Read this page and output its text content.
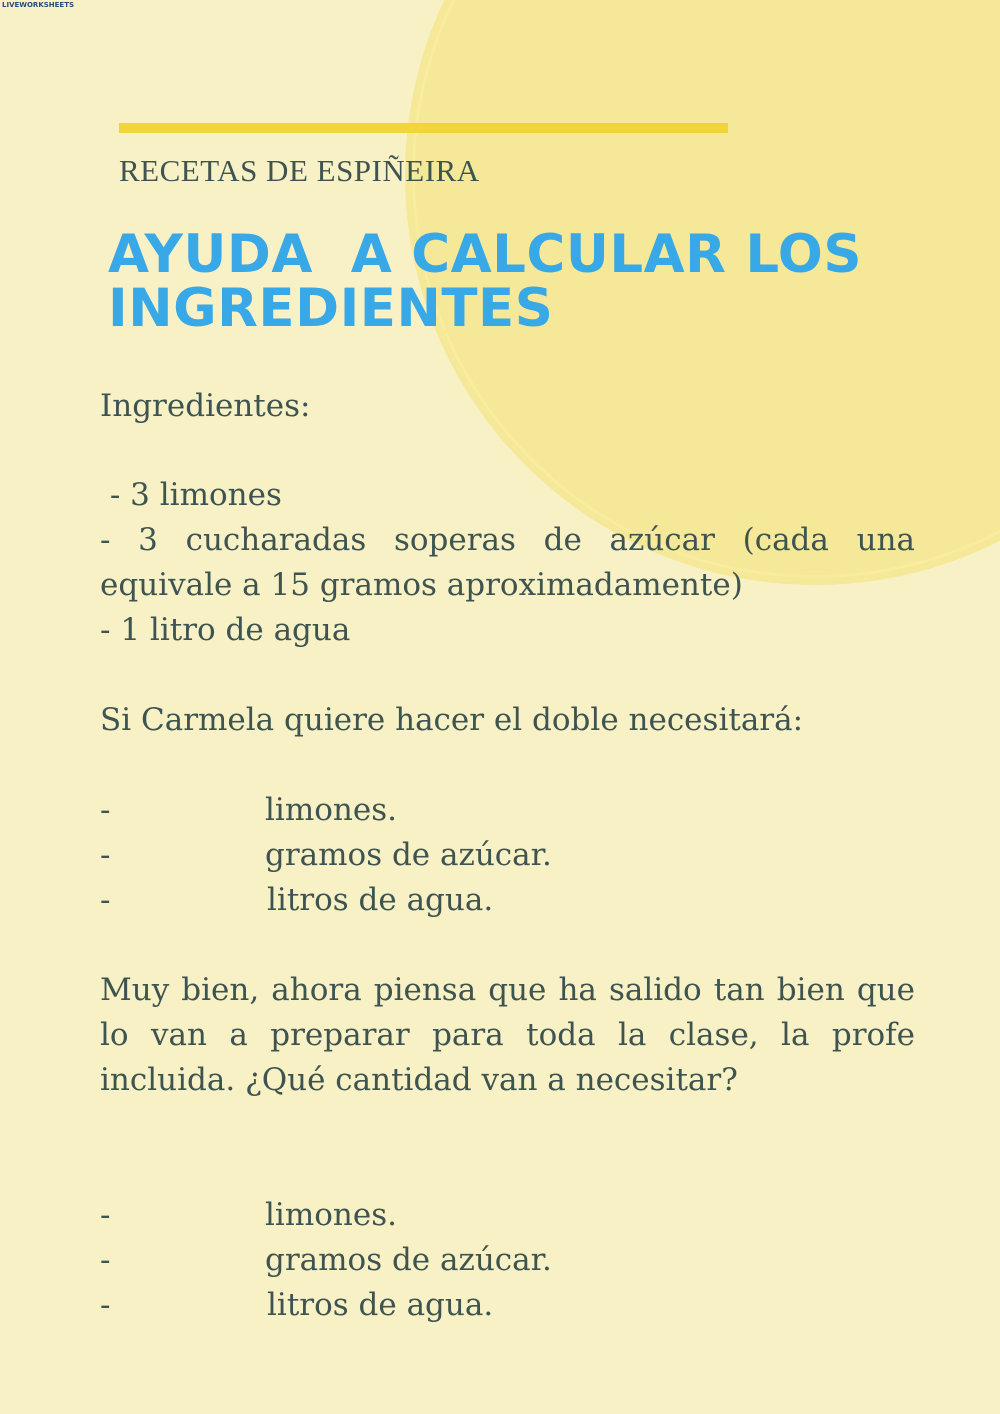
LIVEWORKSHEETS
RECETAS DE ESPIÑEIRA
AYUDA  A CALCULAR LOS
INGREDIENTES
Ingredientes:
- 3 limones

- 3 cucharadas soperas de azúcar (cada una equivale a 15 gramos aproximadamente)

- 1 litro de agua
Si Carmela quiere hacer el doble necesitará:
-	limones.
-	gramos de azúcar.
-	litros de agua.

Muy bien, ahora piensa que ha salido tan bien que lo van a preparar para toda la clase, la profe incluida. ¿Qué cantidad van a necesitar?

-	limones.
-	gramos de azúcar.
-	litros de agua.
